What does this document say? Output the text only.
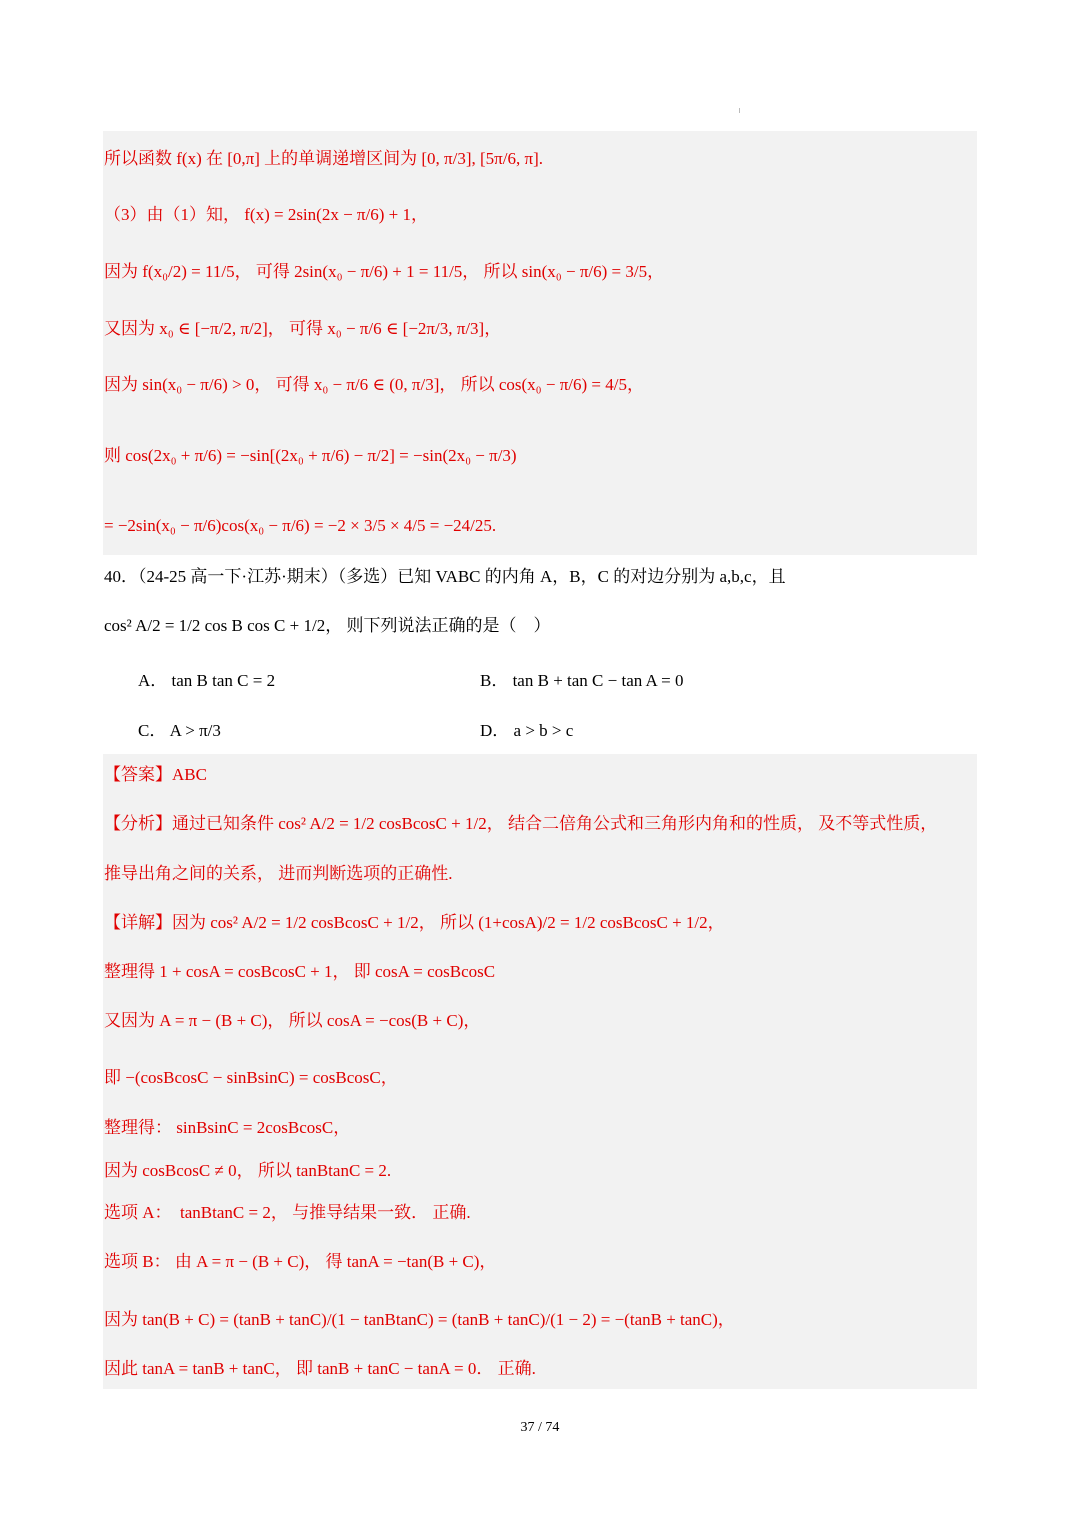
所以函数 f(x) 在 [0,π] 上的单调递增区间为 [0, π/3], [5π/6, π].
（3）由（1）知， f(x) = 2sin(2x − π/6) + 1，
因为 f(x₀/2) = 11/5， 可得 2sin(x₀ − π/6) + 1 = 11/5， 所以 sin(x₀ − π/6) = 3/5，
又因为 x₀ ∈ [−π/2, π/2]， 可得 x₀ − π/6 ∈ [−2π/3, π/3]，
因为 sin(x₀ − π/6) > 0， 可得 x₀ − π/6 ∈ (0, π/3]， 所以 cos(x₀ − π/6) = 4/5，
则 cos(2x₀ + π/6) = −sin[(2x₀ + π/6) − π/2] = −sin(2x₀ − π/3)
= −2sin(x₀ − π/6)cos(x₀ − π/6) = −2 × 3/5 × 4/5 = −24/25.
40．（24-25 高一下·江苏·期末）（多选）已知 VABC 的内角 A，B，C 的对边分别为 a,b,c，且
cos² A/2 = 1/2 cos B cos C + 1/2， 则下列说法正确的是（　）
A． tan B tan C = 2	B． tan B + tan C − tan A = 0
C． A > π/3	D． a > b > c
【答案】ABC
【分析】通过已知条件 cos² A/2 = 1/2 cosBcosC + 1/2， 结合二倍角公式和三角形内角和的性质， 及不等式性质，
推导出角之间的关系， 进而判断选项的正确性.
【详解】因为 cos² A/2 = 1/2 cosBcosC + 1/2， 所以 (1+cosA)/2 = 1/2 cosBcosC + 1/2，
整理得 1 + cosA = cosBcosC + 1， 即 cosA = cosBcosC
又因为 A = π − (B + C)， 所以 cosA = −cos(B + C)，
即 −(cosBcosC − sinBsinC) = cosBcosC，
整理得： sinBsinC = 2cosBcosC，
因为 cosBcosC ≠ 0， 所以 tanBtanC = 2.
选项 A：　tanBtanC = 2， 与推导结果一致． 正确.
选项 B： 由 A = π − (B + C)， 得 tanA = −tan(B + C)，
因为 tan(B + C) = (tanB + tanC)/(1 − tanBtanC) = (tanB + tanC)/(1 − 2) = −(tanB + tanC)，
因此 tanA = tanB + tanC， 即 tanB + tanC − tanA = 0． 正确.
37 / 74
